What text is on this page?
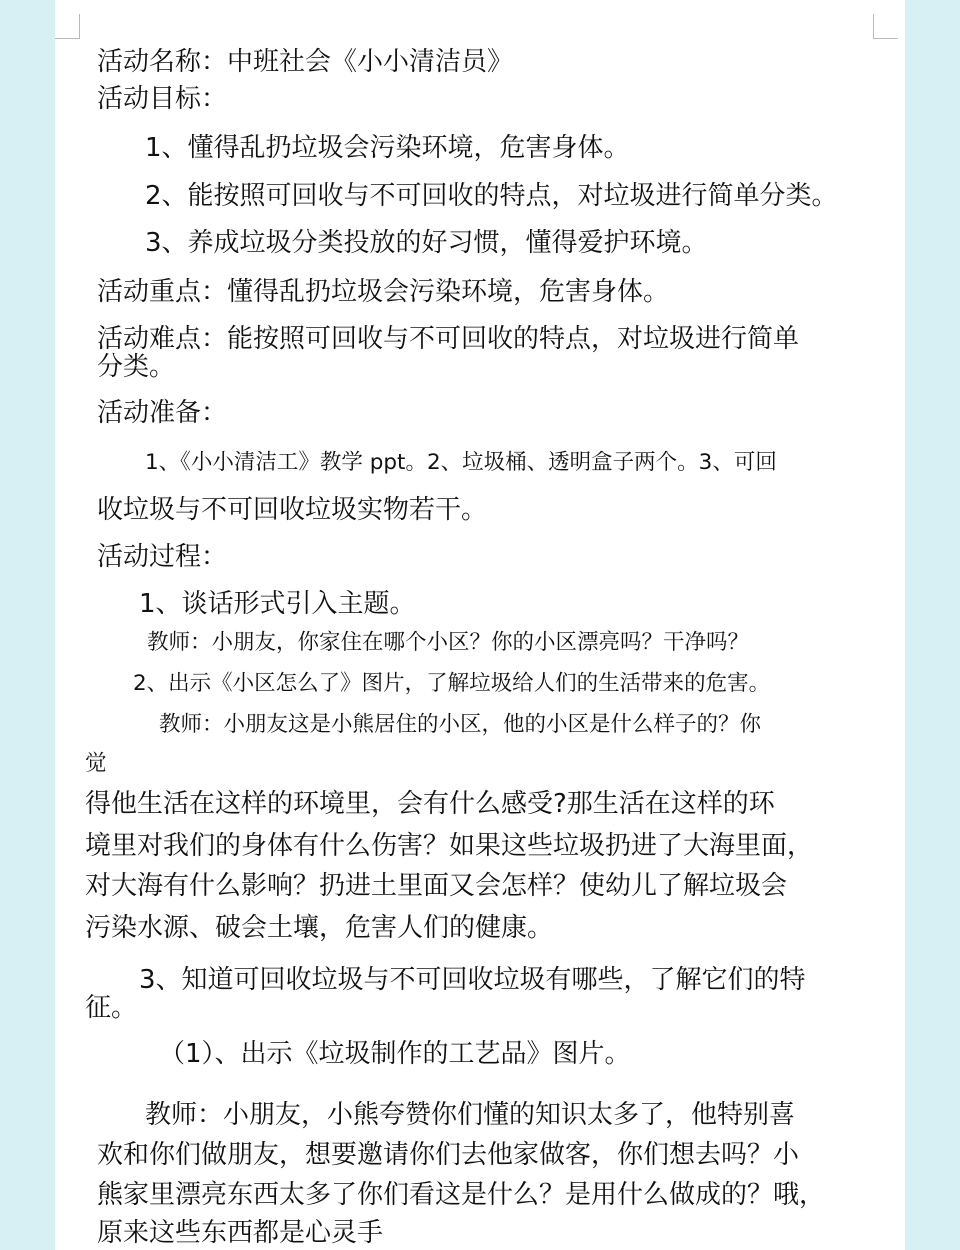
活动名称：中班社会《小小清洁员》
活动目标：
1、懂得乱扔垃圾会污染环境，危害身体。
2、能按照可回收与不可回收的特点，对垃圾进行简单分类。
3、养成垃圾分类投放的好习惯，懂得爱护环境。
活动重点：懂得乱扔垃圾会污染环境，危害身体。
活动难点：能按照可回收与不可回收的特点，对垃圾进行简单
分类。
活动准备：
1、《小小清洁工》教学 ppt。2、垃圾桶、透明盒子两个。3、可回
收垃圾与不可回收垃圾实物若干。
活动过程：
1、谈话形式引入主题。
教师：小朋友，你家住在哪个小区？你的小区漂亮吗？干净吗？
2、出示《小区怎么了》图片，了解垃圾给人们的生活带来的危害。
教师：小朋友这是小熊居住的小区，他的小区是什么样子的？你
觉
得他生活在这样的环境里，会有什么感受?那生活在这样的环
境里对我们的身体有什么伤害？如果这些垃圾扔进了大海里面，
对大海有什么影响？扔进土里面又会怎样？使幼儿了解垃圾会
污染水源、破会土壤，危害人们的健康。
3、知道可回收垃圾与不可回收垃圾有哪些，了解它们的特
征。
（1）、出示《垃圾制作的工艺品》图片。
教师：小朋友，小熊夸赞你们懂的知识太多了，他特别喜
欢和你们做朋友，想要邀请你们去他家做客，你们想去吗？小
熊家里漂亮东西太多了你们看这是什么？是用什么做成的？哦，
原来这些东西都是心灵手
